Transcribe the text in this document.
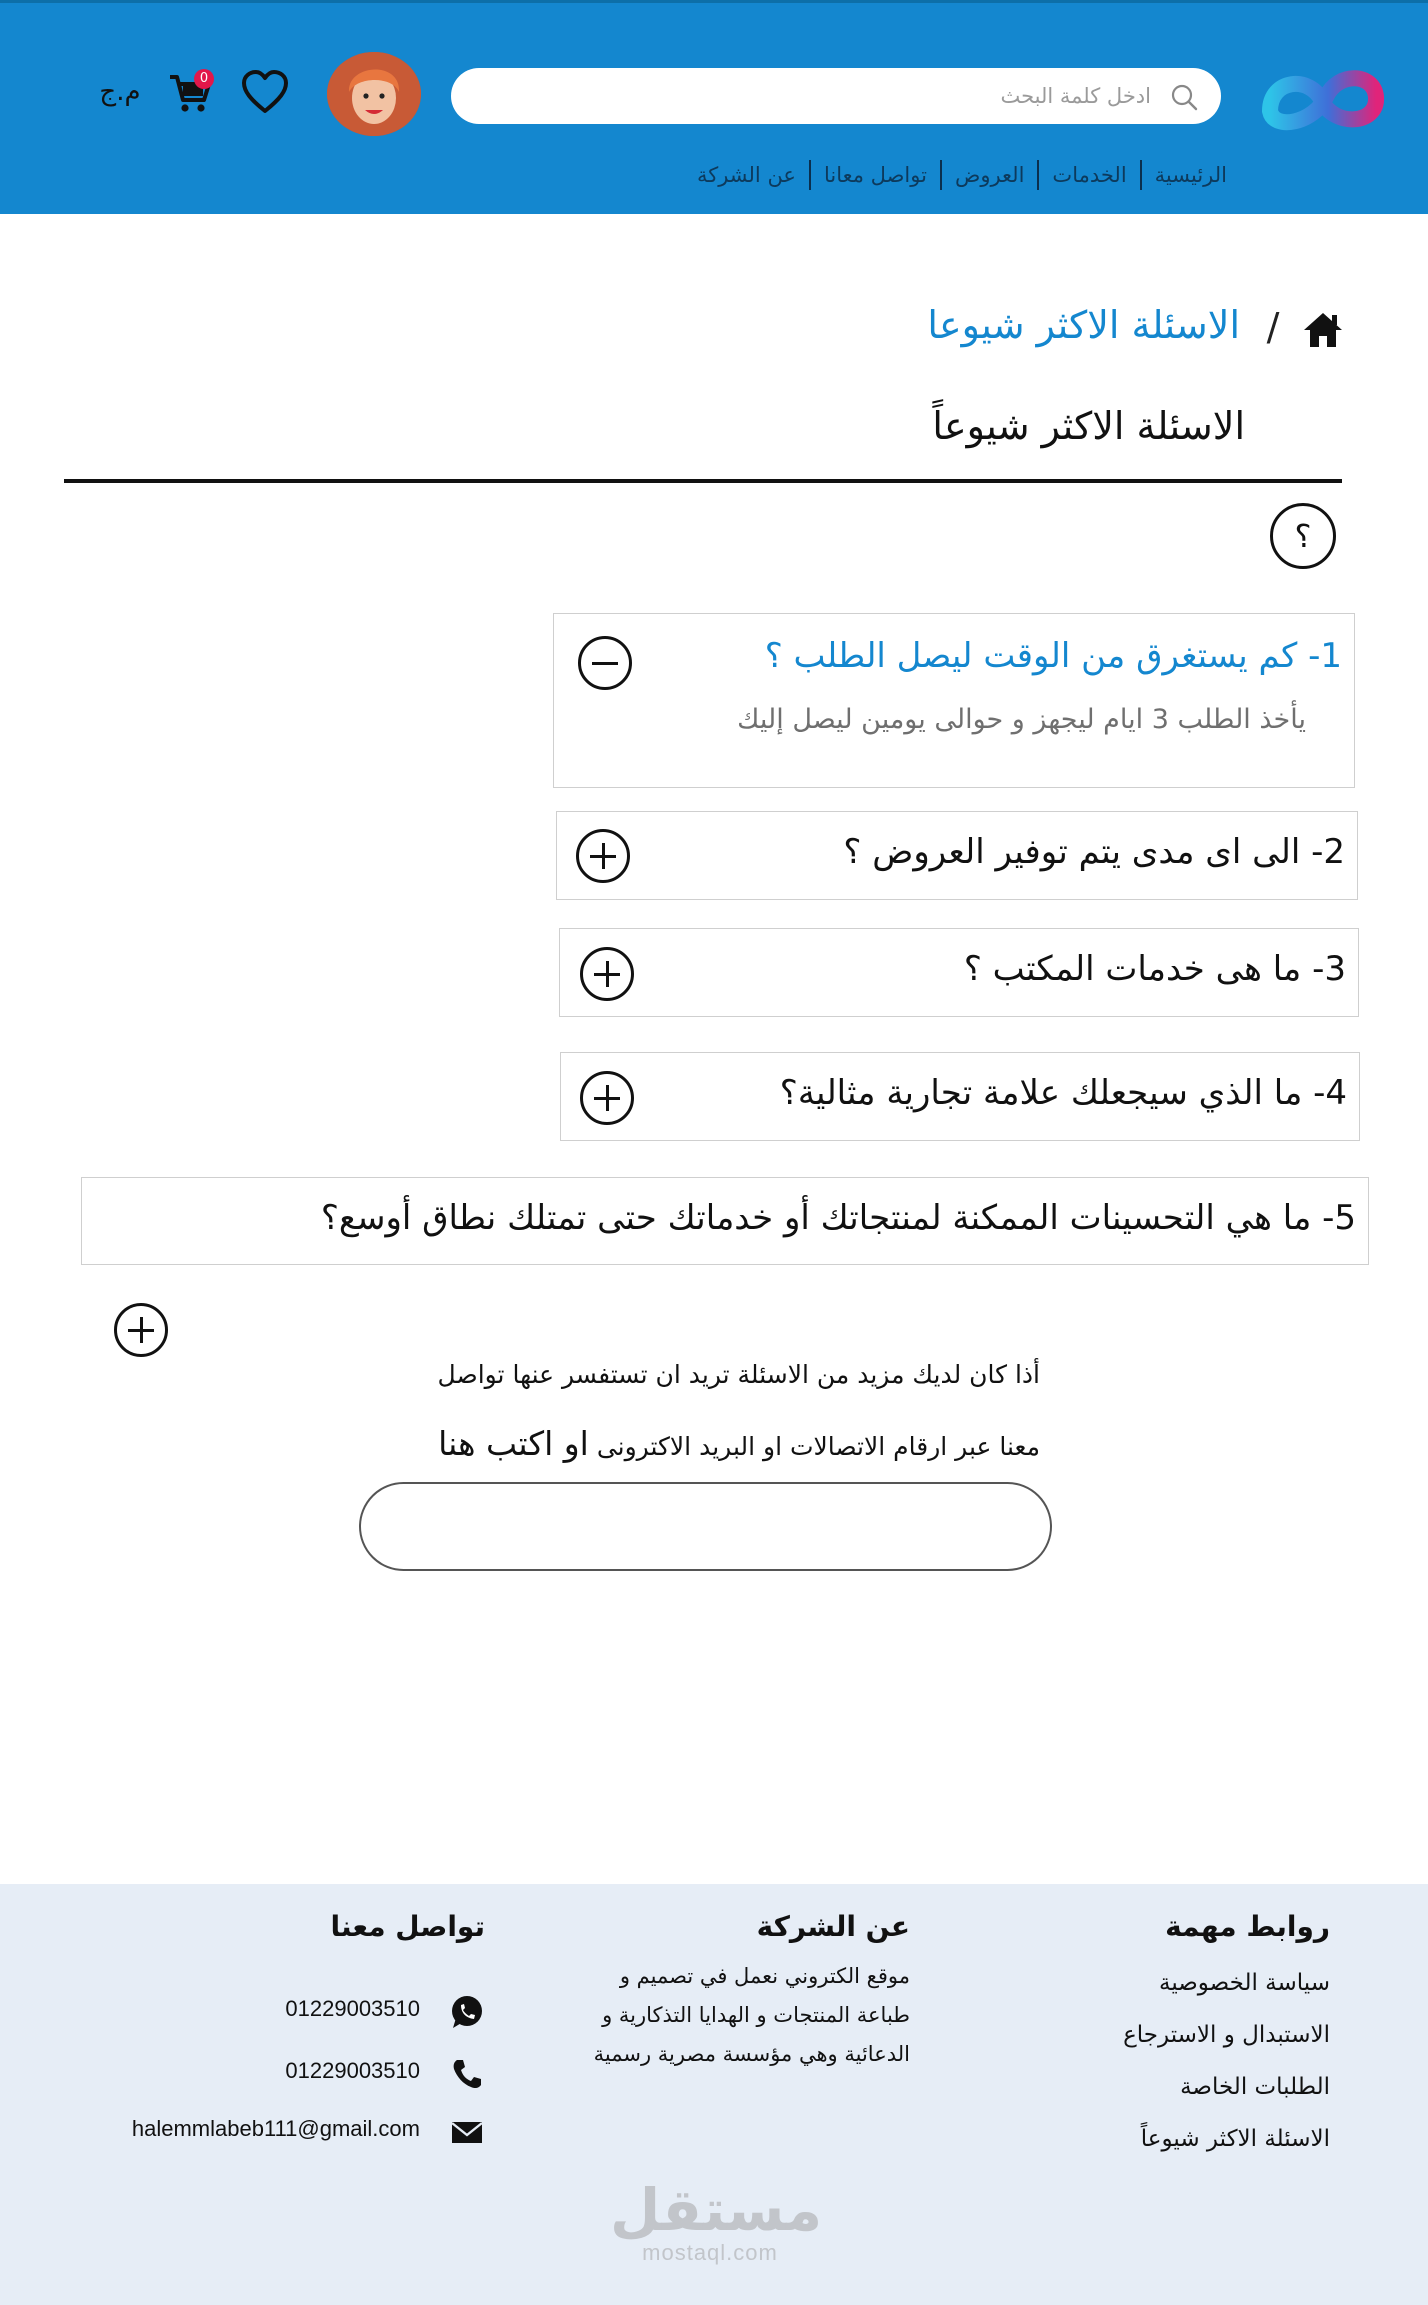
ادخل كلمة البحث
0
م.ج
الرئيسية
الخدمات
العروض
تواصل معانا
عن الشركة
/
الاسئلة الاكثر شيوعا
الاسئلة الاكثر شيوعاً
؟
1- كم يستغرق من الوقت ليصل الطلب ؟
يأخذ الطلب 3 ايام ليجهز و حوالى يومين ليصل إليك
2- الى اى مدى يتم توفير العروض ؟
3- ما هى خدمات المكتب ؟
4- ما الذي سيجعلك علامة تجارية مثالية؟
5- ما هي التحسينات الممكنة لمنتجاتك أو خدماتك حتى تمتلك نطاق أوسع؟
أذا كان لديك مزيد من الاسئلة تريد ان تستفسر عنها تواصل
معنا عبر ارقام الاتصالات او البريد الاكترونى او اكتب هنا
روابط مهمة
سياسة الخصوصية
الاستبدال و الاسترجاع
الطلبات الخاصة
الاسئلة الاكثر شيوعاً
عن الشركة
موقع الكتروني نعمل في تصميم و طباعة المنتجات و الهدايا التذكارية و الدعائية وهي مؤسسة مصرية رسمية
تواصل معنا
01229003510
01229003510
halemmlabeb111@gmail.com
مستقل
mostaql.com
